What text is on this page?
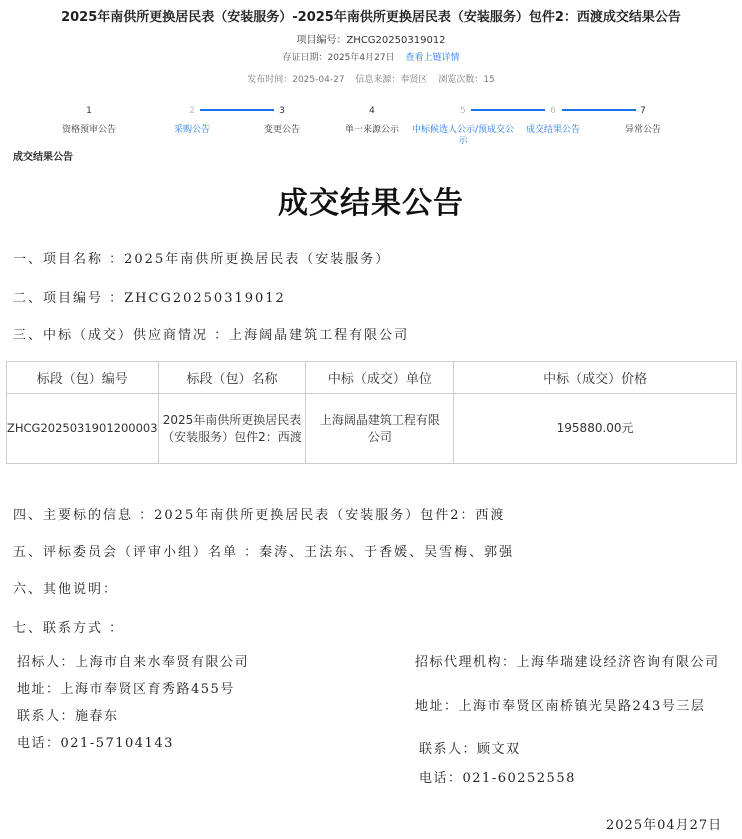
2025年南供所更换居民表（安装服务）-2025年南供所更换居民表（安装服务）包件2：西渡成交结果公告
项目编号：ZHCG20250319012
存证日期：2025年4月27日 查看上链详情
发布时间：2025-04-27 信息来源：奉贤区 浏览次数：15
1
资格预审公告
2
采购公告
3
变更公告
4
单一来源公示
5
中标候选人公示/预成交公示
6
成交结果公告
7
异常公告
成交结果公告
成交结果公告
一、项目名称 ：2025年南供所更换居民表（安装服务）
二、项目编号 ：ZHCG20250319012
三、中标（成交）供应商情况 ：上海阔晶建筑工程有限公司
标段（包）编号	标段（包）名称	中标（成交）单位	中标（成交）价格
ZHCG2025031901200003	2025年南供所更换居民表（安装服务）包件2：西渡	上海阔晶建筑工程有限公司	195880.00元
四、主要标的信息 ：2025年南供所更换居民表（安装服务）包件2：西渡
五、评标委员会（评审小组）名单 ：秦涛、王法东、于香媛、吴雪梅、郭强
六、其他说明：
七、联系方式 ：
招标人：上海市自来水奉贤有限公司
地址：上海市奉贤区育秀路455号
联系人：施春东
电话：021-57104143
招标代理机构：上海华瑞建设经济咨询有限公司
地址：上海市奉贤区南桥镇光昊路243号三层
联系人：顾文双
电话：021-60252558
2025年04月27日
